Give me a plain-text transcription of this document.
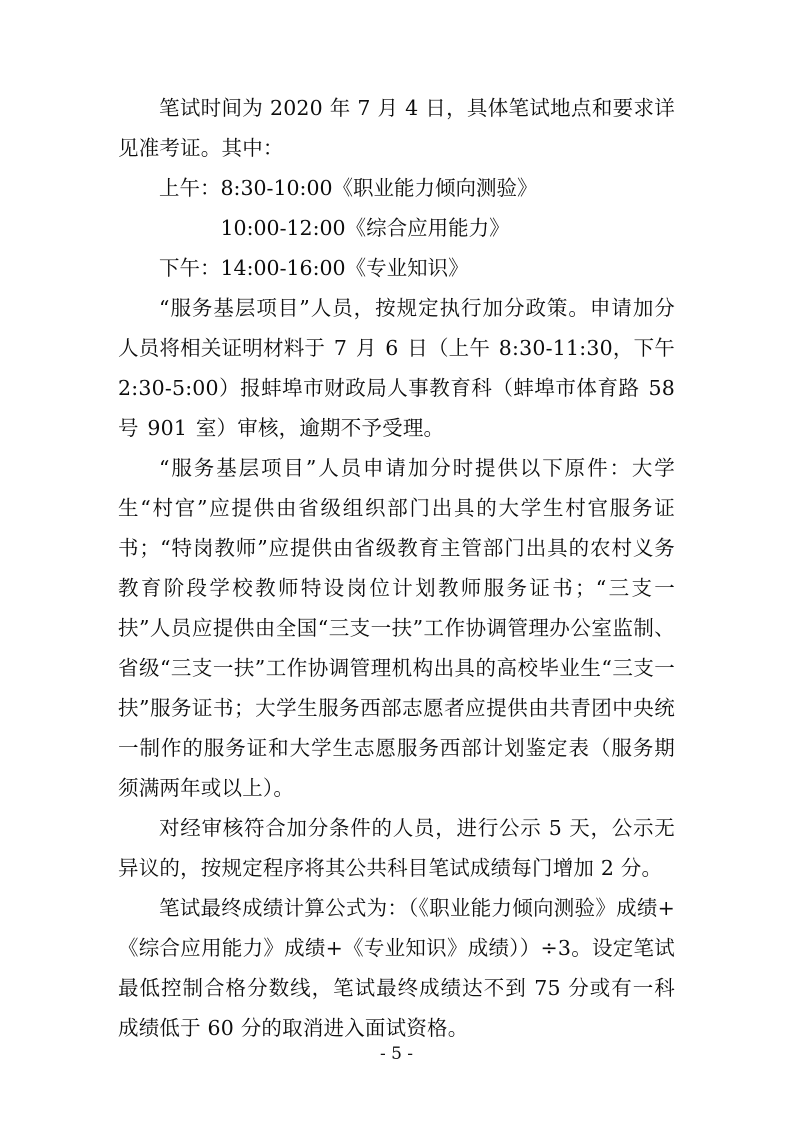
笔试时间为 2020 年 7 月 4 日，具体笔试地点和要求详见准考证。其中：

上午：8:30-10:00《职业能力倾向测验》
10:00-12:00《综合应用能力》
下午：14:00-16:00《专业知识》

“服务基层项目”人员，按规定执行加分政策。申请加分人员将相关证明材料于 7 月 6 日（上午 8:30-11:30，下午 2:30-5:00）报蚌埠市财政局人事教育科（蚌埠市体育路 58 号 901 室）审核，逾期不予受理。

“服务基层项目”人员申请加分时提供以下原件：大学生“村官”应提供由省级组织部门出具的大学生村官服务证书；“特岗教师”应提供由省级教育主管部门出具的农村义务教育阶段学校教师特设岗位计划教师服务证书；“三支一扶”人员应提供由全国“三支一扶”工作协调管理办公室监制、省级“三支一扶”工作协调管理机构出具的高校毕业生“三支一扶”服务证书；大学生服务西部志愿者应提供由共青团中央统一制作的服务证和大学生志愿服务西部计划鉴定表（服务期须满两年或以上）。

对经审核符合加分条件的人员，进行公示 5 天，公示无异议的，按规定程序将其公共科目笔试成绩每门增加 2 分。

笔试最终成绩计算公式为：（《职业能力倾向测验》成绩+《综合应用能力》成绩+《专业知识》成绩））÷3。设定笔试最低控制合格分数线，笔试最终成绩达不到 75 分或有一科成绩低于 60 分的取消进入面试资格。

- 5 -
